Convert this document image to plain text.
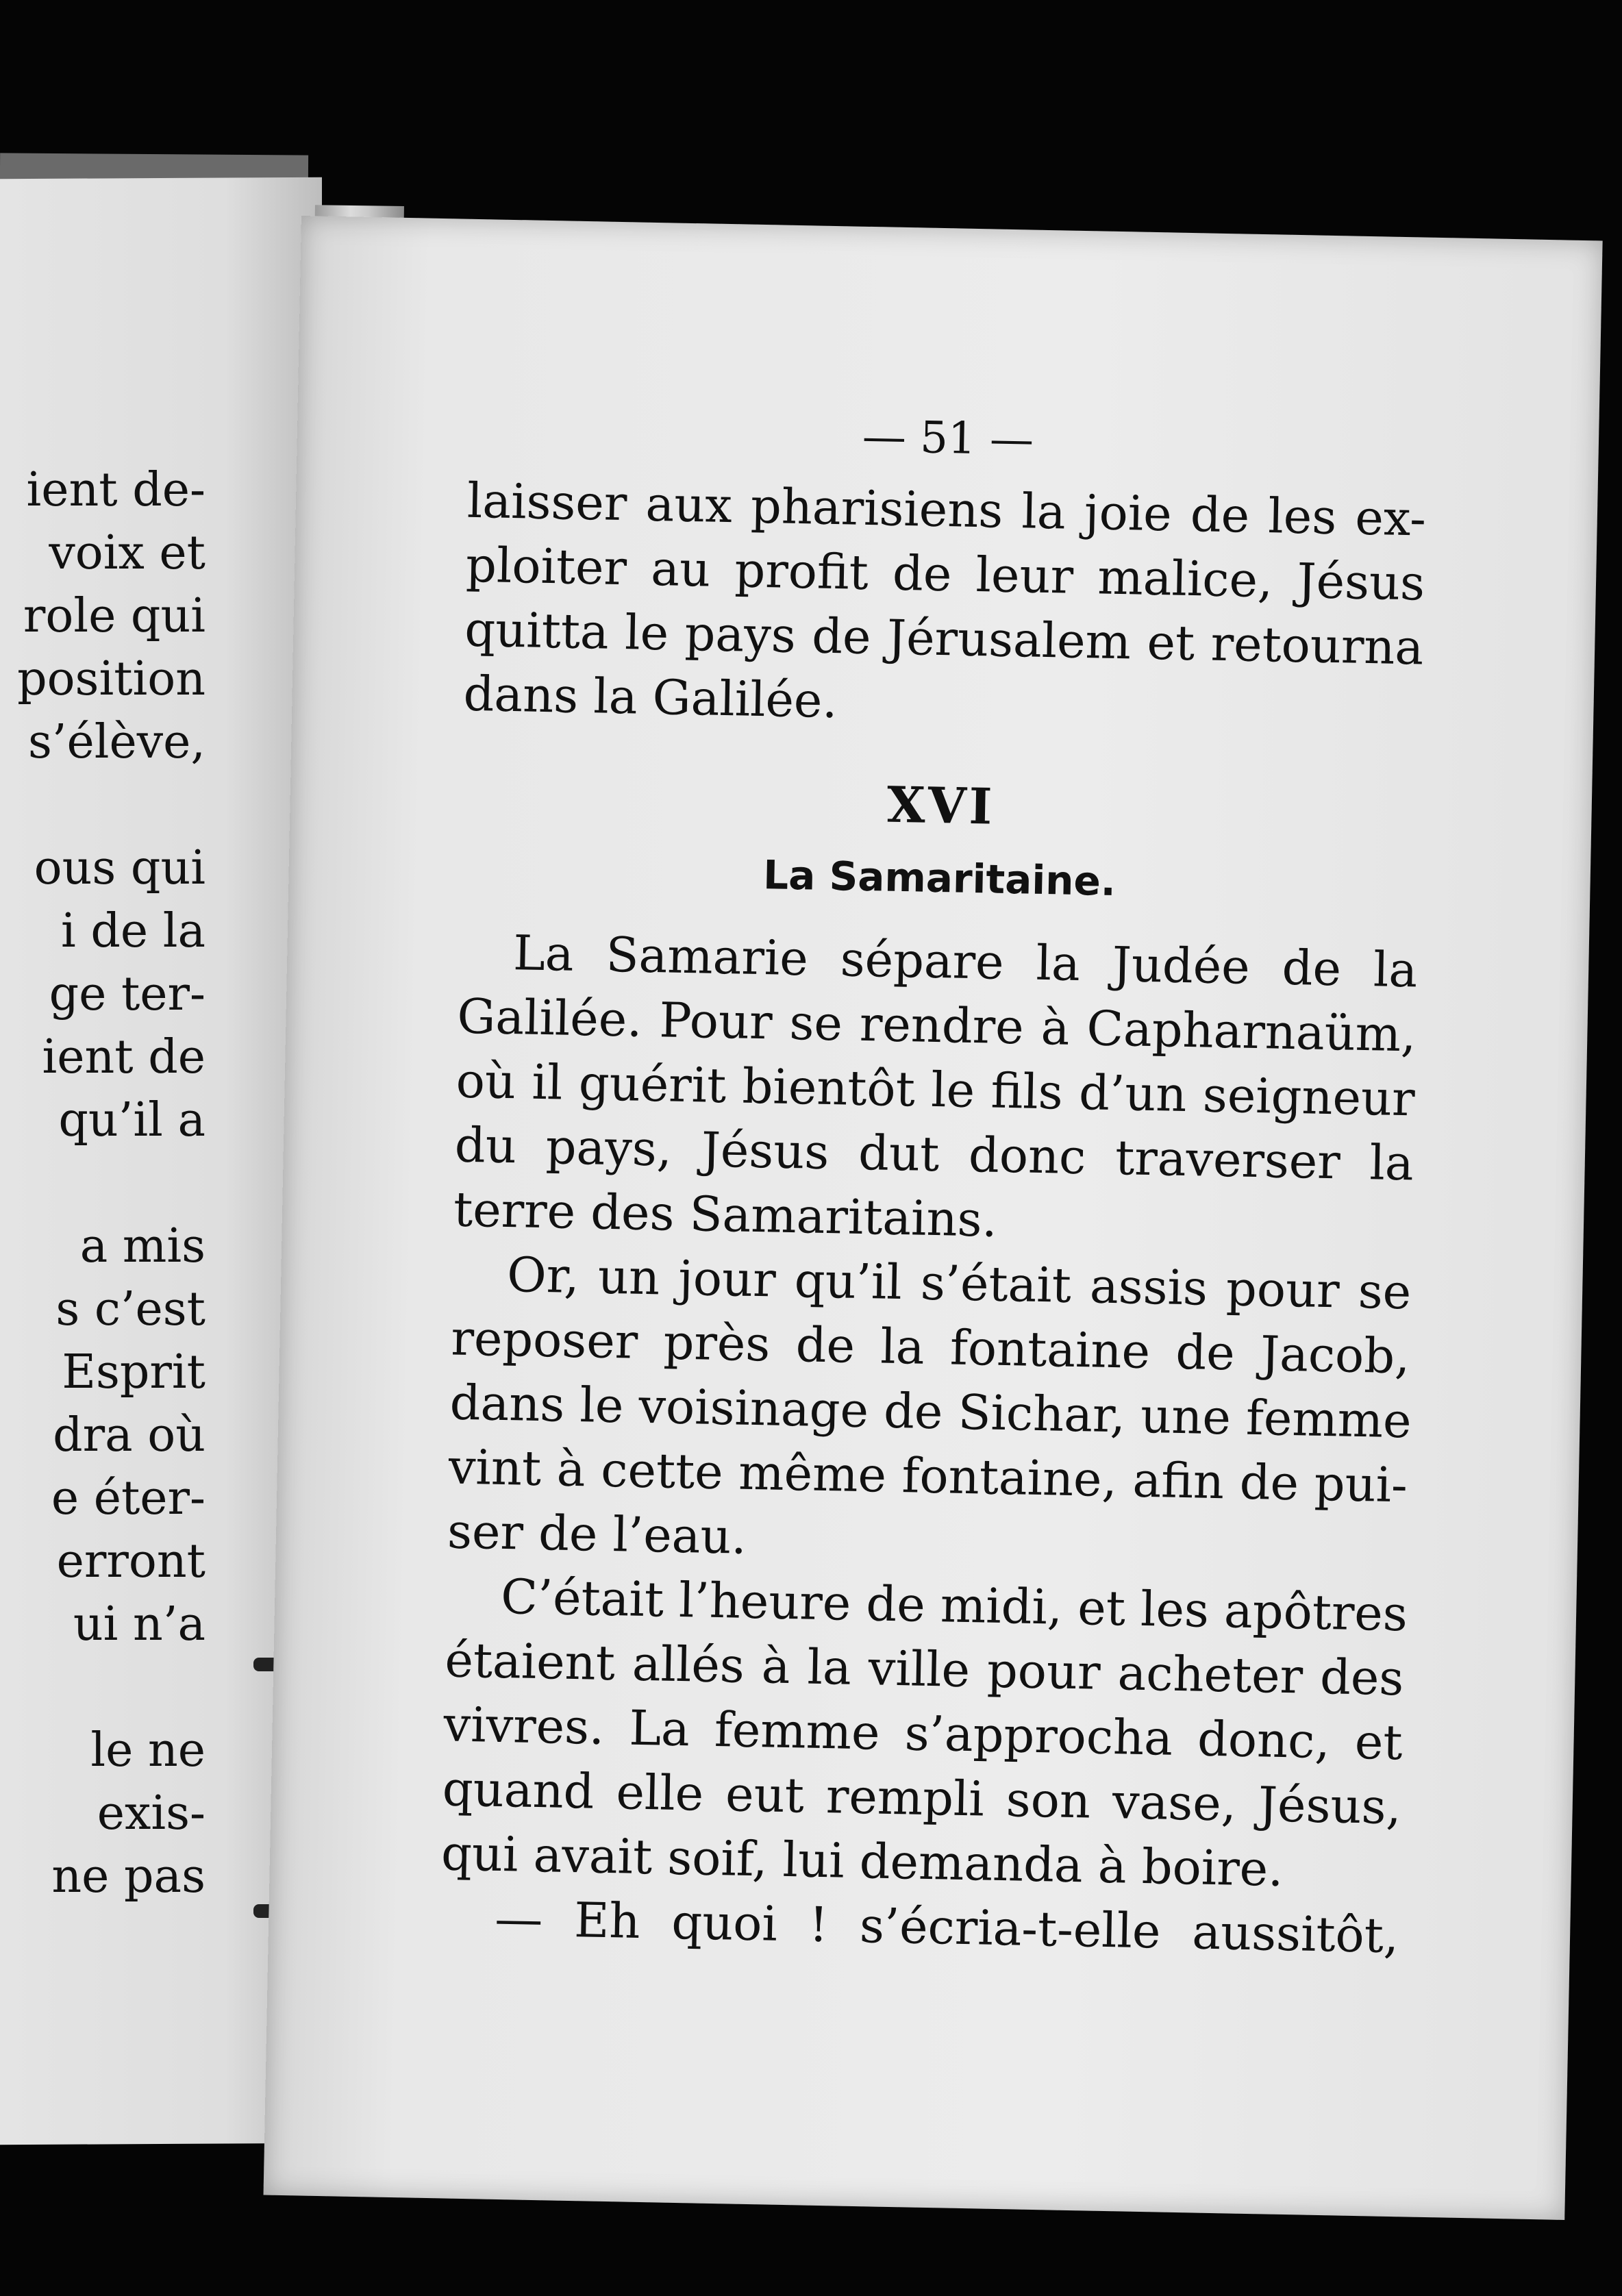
ient de-
voix et
role qui
position
s’élève,
ous qui
i de la
ge ter-
ient de
qu’il a
a mis
s c’est
Esprit
dra où
e éter-
erront
ui n’a
le ne
exis-
ne pas
— 51 —
laisser aux pharisiens la joie de les ex-
ploiter au profit de leur malice, Jésus
quitta le pays de Jérusalem et retourna
dans la Galilée.
XVI
La Samaritaine.
La Samarie sépare la Judée de la
Galilée. Pour se rendre à Capharnaüm,
où il guérit bientôt le fils d’un seigneur
du pays, Jésus dut donc traverser la
terre des Samaritains.
Or, un jour qu’il s’était assis pour se
reposer près de la fontaine de Jacob,
dans le voisinage de Sichar, une femme
vint à cette même fontaine, afin de pui-
ser de l’eau.
C’était l’heure de midi, et les apôtres
étaient allés à la ville pour acheter des
vivres. La femme s’approcha donc, et
quand elle eut rempli son vase, Jésus,
qui avait soif, lui demanda à boire.
— Eh quoi ! s’écria-t-elle aussitôt,
